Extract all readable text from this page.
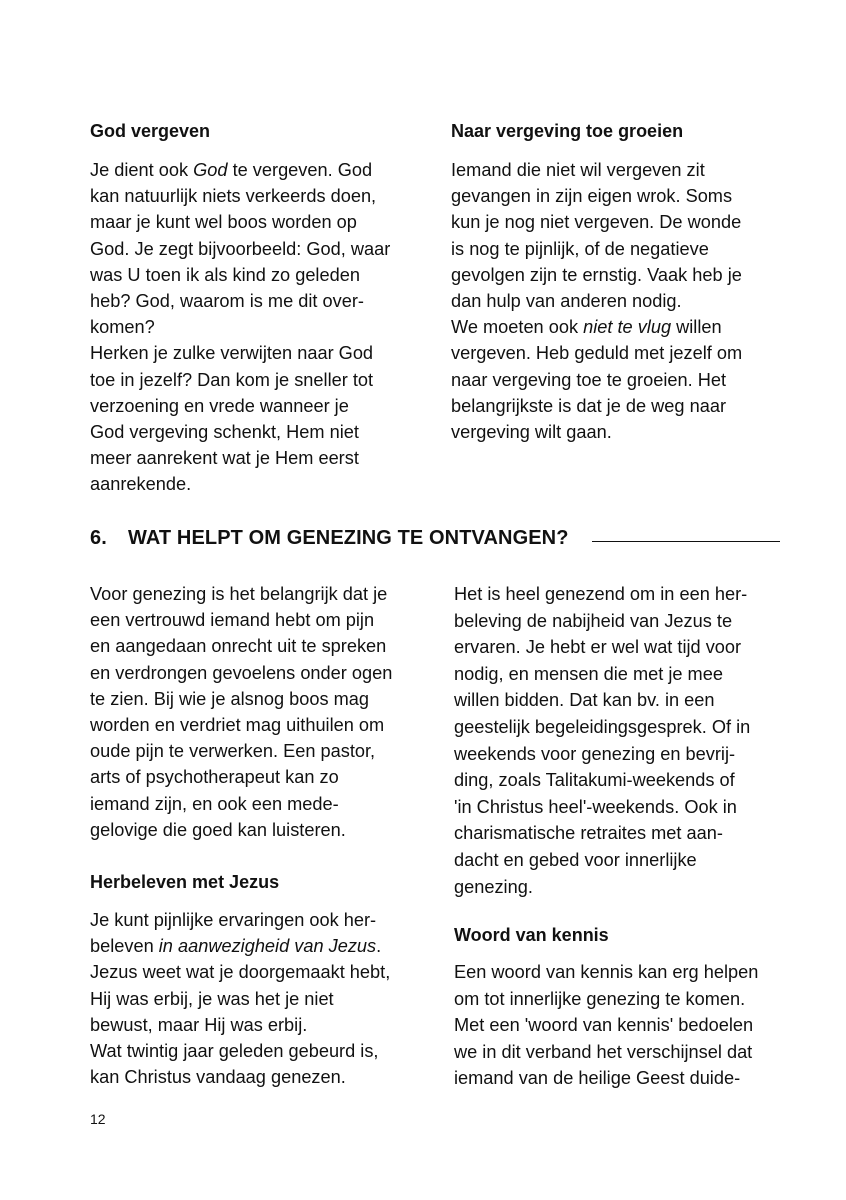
God vergeven
Je dient ook God te vergeven. God
kan natuurlijk niets verkeerds doen,
maar je kunt wel boos worden op
God. Je zegt bijvoorbeeld: God, waar
was U toen ik als kind zo geleden
heb? God, waarom is me dit over-
komen?
Herken je zulke verwijten naar God
toe in jezelf? Dan kom je sneller tot
verzoening en vrede wanneer je
God vergeving schenkt, Hem niet
meer aanrekent wat je Hem eerst
aanrekende.
Naar vergeving toe groeien
Iemand die niet wil vergeven zit
gevangen in zijn eigen wrok. Soms
kun je nog niet vergeven. De wonde
is nog te pijnlijk, of de negatieve
gevolgen zijn te ernstig. Vaak heb je
dan hulp van anderen nodig.
We moeten ook niet te vlug willen
vergeven. Heb geduld met jezelf om
naar vergeving toe te groeien. Het
belangrijkste is dat je de weg naar
vergeving wilt gaan.
6. WAT HELPT OM GENEZING TE ONTVANGEN?
Voor genezing is het belangrijk dat je
een vertrouwd iemand hebt om pijn
en aangedaan onrecht uit te spreken
en verdrongen gevoelens onder ogen
te zien. Bij wie je alsnog boos mag
worden en verdriet mag uithuilen om
oude pijn te verwerken. Een pastor,
arts of psychotherapeut kan zo
iemand zijn, en ook een mede-
gelovige die goed kan luisteren.
Herbeleven met Jezus
Je kunt pijnlijke ervaringen ook her-
beleven in aanwezigheid van Jezus.
Jezus weet wat je doorgemaakt hebt,
Hij was erbij, je was het je niet
bewust, maar Hij was erbij.
Wat twintig jaar geleden gebeurd is,
kan Christus vandaag genezen.
Het is heel genezend om in een her-
beleving de nabijheid van Jezus te
ervaren. Je hebt er wel wat tijd voor
nodig, en mensen die met je mee
willen bidden. Dat kan bv. in een
geestelijk begeleidingsgesprek. Of in
weekends voor genezing en bevrij-
ding, zoals Talitakumi-weekends of
'in Christus heel'-weekends. Ook in
charismatische retraites met aan-
dacht en gebed voor innerlijke
genezing.
Woord van kennis
Een woord van kennis kan erg helpen
om tot innerlijke genezing te komen.
Met een 'woord van kennis' bedoelen
we in dit verband het verschijnsel dat
iemand van de heilige Geest duide-
12
